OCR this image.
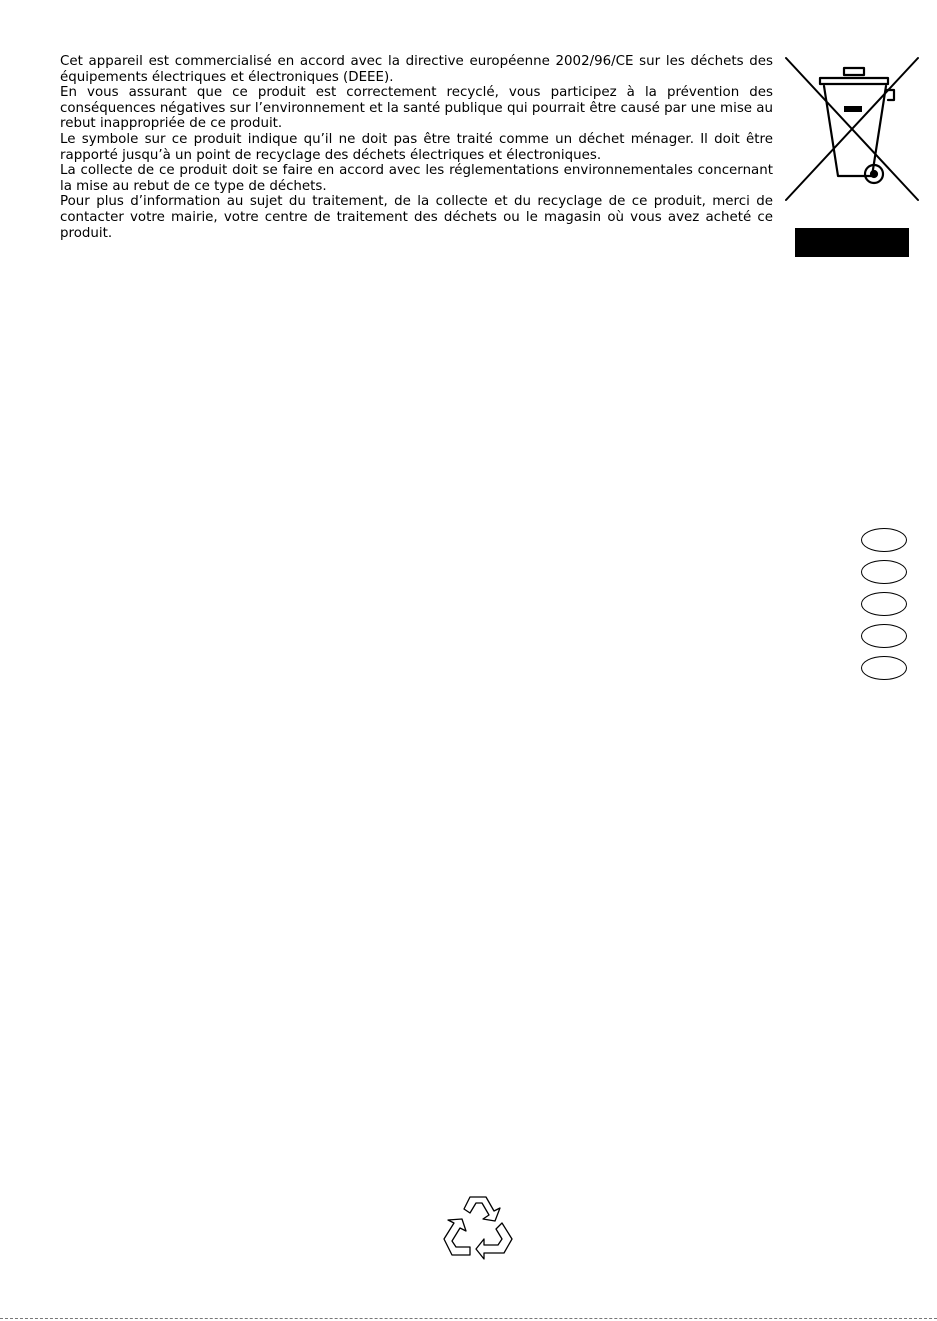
Cet appareil est commercialisé en accord avec la directive européenne 2002/96/CE sur les déchets des équipements électriques et électroniques (DEEE).

En vous assurant que ce produit est correctement recyclé, vous participez à la prévention des conséquences négatives sur l’environnement et la santé publique qui pourrait être causé par une mise au rebut inappropriée de ce produit.

Le symbole sur ce produit indique qu’il ne doit pas être traité comme un déchet ménager. Il doit être rapporté jusqu’à un point de recyclage des déchets électriques et électroniques.

La collecte de ce produit doit se faire en accord avec les réglementations environnementales concernant la mise au rebut de ce type de déchets.

Pour plus d’information au sujet du traitement, de la collecte et du recyclage de ce produit, merci de contacter votre mairie, votre centre de traitement des déchets ou le magasin où vous avez acheté ce produit.
